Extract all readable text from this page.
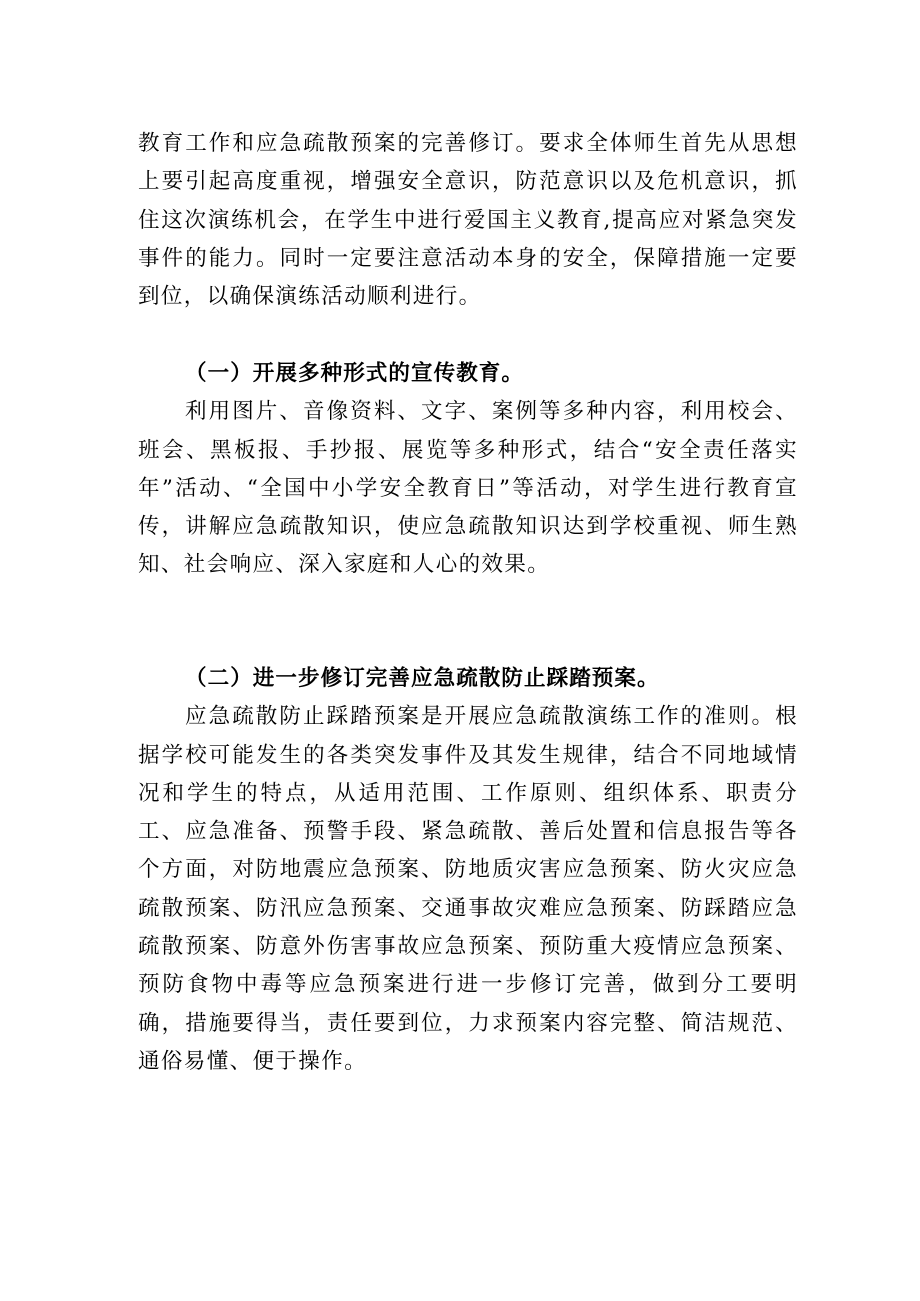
教育工作和应急疏散预案的完善修订。要求全体师生首先从思想上要引起高度重视，增强安全意识，防范意识以及危机意识，抓住这次演练机会，在学生中进行爱国主义教育,提高应对紧急突发事件的能力。同时一定要注意活动本身的安全，保障措施一定要到位，以确保演练活动顺利进行。

（一）开展多种形式的宣传教育。

利用图片、音像资料、文字、案例等多种内容，利用校会、班会、黑板报、手抄报、展览等多种形式，结合“安全责任落实年”活动、“全国中小学安全教育日”等活动，对学生进行教育宣传，讲解应急疏散知识，使应急疏散知识达到学校重视、师生熟知、社会响应、深入家庭和人心的效果。

（二）进一步修订完善应急疏散防止踩踏预案。

应急疏散防止踩踏预案是开展应急疏散演练工作的准则。根据学校可能发生的各类突发事件及其发生规律，结合不同地域情况和学生的特点，从适用范围、工作原则、组织体系、职责分工、应急准备、预警手段、紧急疏散、善后处置和信息报告等各个方面，对防地震应急预案、防地质灾害应急预案、防火灾应急疏散预案、防汛应急预案、交通事故灾难应急预案、防踩踏应急疏散预案、防意外伤害事故应急预案、预防重大疫情应急预案、预防食物中毒等应急预案进行进一步修订完善，做到分工要明确，措施要得当，责任要到位，力求预案内容完整、简洁规范、通俗易懂、便于操作。
